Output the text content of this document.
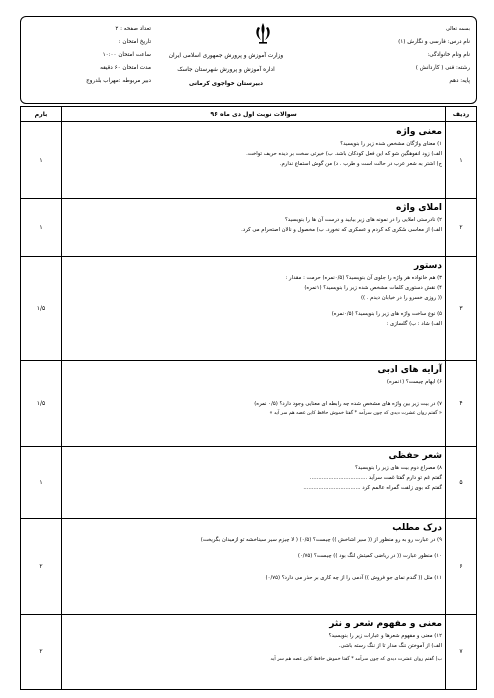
بسمه تعالی
نام درس: فارسی و نگارش (۱)
نام ونام خانوادگی:
رشته: فنی ( کاردانش )
پایه: دهم
وزارت آموزش و پرورش جمهوری اسلامی ایران
اداره آموزش و پرورش شهرستان جاسک
دبیرستان خواجوی کرمانی
تعداد صفحه : ۲
تاریخ امتحان :
ساعت امتحان ۱۰:۰۰
مدت امتحان ۶۰ دقیقه
دبیر مربوطه :مهراب بلدروج
ردیف
سوالات نوبت اول دی ماه ۹۶
بارم
۱
معنی واژه
۱) معنای واژگان مشخص شده زیر را بنویسید؟
الف) زود انفوهگین شو که این فعل کودکان باشد. ب) خیرتی سخت بر دیده حریف تواخت.
ج) اشتر به شعر عرب در حالت است و طرب . د) من گوش استماع ندارم.
۱
۲
املای واژه
۲) نادرستی املایی را در نمونه های زیر بیابید و درست آن ها را بنویسید؟
الف) از معاسی سُکری که کردم و عسکری که نخورد. ب) مخصول و نالان اصتحرام می کرد.
۱
۳
دستور
۳) هم خانواده هر واژه را جلوی آن بنویسید؟ (۰/۵نمره) حرمت : مقدار :
۴) نقش دستوری کلمات مشخص شده زیر را بنویسید؟ (۱نمره)
(( روزی خسرو را در خیابان دیدم . ))
۵) نوع ساخت واژه های زیر را بنویسید؟ (۰/۵نمره)
الف) شاد : ب) گلسازی :
۱/۵
۴
آرایه های ادبی
۶) ایهام چیست؟ (۱نمره)
۷) در بیت زیر بین واژه های مشخص شده چه رابطه ای معنایی وجود دارد؟ (۰/۵ نمره)
« گفتم روان عشرت دیدی که چون سرآمد * گفتا خموش حافظ کاین غصه هم سر آید »
۱/۵
۵
شعر حفظی
۸) مصراع دوم بیت های زیر را بنویسید؟
گفتم غم تو دارم گفتا غمت سرآید ..................................
گفتم که بوی زلفت گمراه عالمم کرد ..................................
۱
۶
درک مطلب
۹) در عبارت رو به رو منظور از (( سیر اشاخش )) چیست؟ (۰/۵) ( لا چیزم سیر سیناخشه تو ازمیدان بگریخت)
۱۰) منظور عبارت (( در ریاضی کمیتش لنگ بود )) چیست؟ (۰/۷۵)
۱۱) مثل (( گندم نمای جو فروش )) آدمی را از چه کاری بر حذر می دارد؟ (۰/۷۵)
۲
۷
معنی و مفهوم شعر و نثر
۱۲) معنی و مفهوم شعرها و عبارات زیر را بنویسید؟
الف) از آموختن ننگ مدار تا از ننگ رسته باشی.
ب) گفتم روان عشرت دیدی که چون سرآمد * گفتا خموش حافظ کاین غصه هم سر آید
۲
